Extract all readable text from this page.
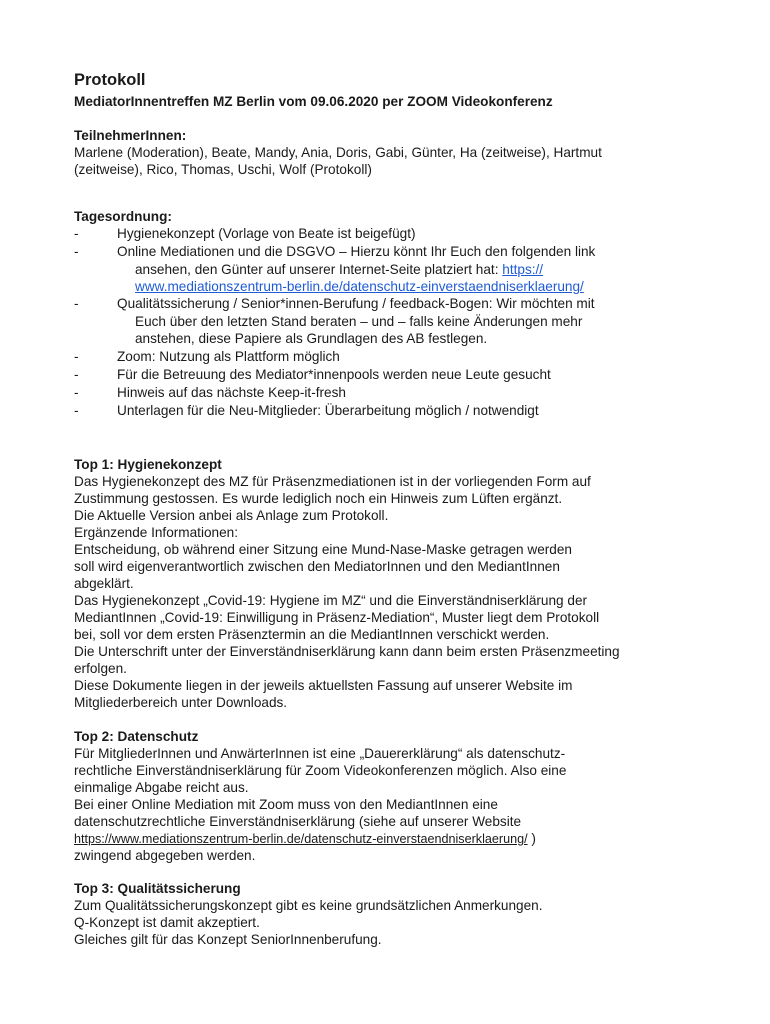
Protokoll
MediatorInnentreffen MZ Berlin vom 09.06.2020 per ZOOM Videokonferenz
TeilnehmerInnen:
Marlene (Moderation), Beate, Mandy, Ania, Doris, Gabi, Günter, Ha (zeitweise), Hartmut
(zeitweise), Rico, Thomas, Uschi, Wolf (Protokoll)
Tagesordnung:
-	Hygienekonzept (Vorlage von Beate ist beigefügt)
-	Online Mediationen und die DSGVO – Hierzu könnt Ihr Euch den folgenden link
ansehen, den Günter auf unserer Internet-Seite platziert hat: https://
www.mediationszentrum-berlin.de/datenschutz-einverstaendniserklaerung/
-	Qualitätssicherung / Senior*innen-Berufung / feedback-Bogen: Wir möchten mit
Euch über den letzten Stand beraten – und – falls keine Änderungen mehr
anstehen, diese Papiere als Grundlagen des AB festlegen.
-	Zoom: Nutzung als Plattform möglich
-	Für die Betreuung des Mediator*innenpools werden neue Leute gesucht
-	Hinweis auf das nächste Keep-it-fresh
-	Unterlagen für die Neu-Mitglieder: Überarbeitung möglich / notwendigt
Top 1: Hygienekonzept
Das Hygienekonzept des MZ für Präsenzmediationen ist in der vorliegenden Form auf
Zustimmung gestossen. Es wurde lediglich noch ein Hinweis zum Lüften ergänzt.
Die Aktuelle Version anbei als Anlage zum Protokoll.
Ergänzende Informationen:
Entscheidung, ob während einer Sitzung eine Mund-Nase-Maske getragen werden
soll wird eigenverantwortlich zwischen den MediatorInnen und den MediantInnen
abgeklärt.
Das Hygienekonzept „Covid-19: Hygiene im MZ“ und die Einverständniserklärung der
MediantInnen „Covid-19: Einwilligung in Präsenz-Mediation“, Muster liegt dem Protokoll
bei, soll vor dem ersten Präsenztermin an die MediantInnen verschickt werden.
Die Unterschrift unter der Einverständniserklärung kann dann beim ersten Präsenzmeeting
erfolgen.
Diese Dokumente liegen in der jeweils aktuellsten Fassung auf unserer Website im
Mitgliederbereich unter Downloads.
Top 2: Datenschutz
Für MitgliederInnen und AnwärterInnen ist eine „Dauererklärung“ als datenschutz-
rechtliche Einverständniserklärung für Zoom Videokonferenzen möglich. Also eine
einmalige Abgabe reicht aus.
Bei einer Online Mediation mit Zoom muss von den MediantInnen eine
datenschutzrechtliche Einverständniserklärung (siehe auf unserer Website
https://www.mediationszentrum-berlin.de/datenschutz-einverstaendniserklaerung/ )
zwingend abgegeben werden.
Top 3: Qualitätssicherung
Zum Qualitätssicherungskonzept gibt es keine grundsätzlichen Anmerkungen.
Q-Konzept ist damit akzeptiert.
Gleiches gilt für das Konzept SeniorInnenberufung.
